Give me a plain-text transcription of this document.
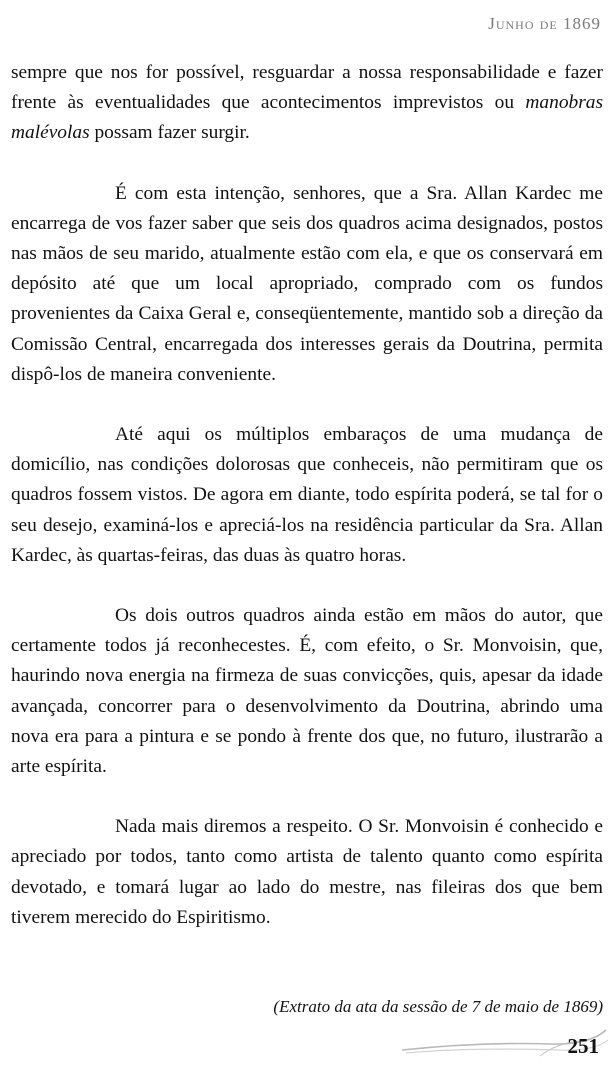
Junho de 1869

sempre que nos for possível, resguardar a nossa responsabilidade e fazer frente às eventualidades que acontecimentos imprevistos ou manobras malévolas possam fazer surgir.

É com esta intenção, senhores, que a Sra. Allan Kardec me encarrega de vos fazer saber que seis dos quadros acima designados, postos nas mãos de seu marido, atualmente estão com ela, e que os conservará em depósito até que um local apropriado, comprado com os fundos provenientes da Caixa Geral e, conseqüentemente, mantido sob a direção da Comissão Central, encarregada dos interesses gerais da Doutrina, permita dispô-los de maneira conveniente.

Até aqui os múltiplos embaraços de uma mudança de domicílio, nas condições dolorosas que conheceis, não permitiram que os quadros fossem vistos. De agora em diante, todo espírita poderá, se tal for o seu desejo, examiná-los e apreciá-los na residência particular da Sra. Allan Kardec, às quartas-feiras, das duas às quatro horas.

Os dois outros quadros ainda estão em mãos do autor, que certamente todos já reconhecestes. É, com efeito, o Sr. Monvoisin, que, haurindo nova energia na firmeza de suas convicções, quis, apesar da idade avançada, concorrer para o desenvolvimento da Doutrina, abrindo uma nova era para a pintura e se pondo à frente dos que, no futuro, ilustrarão a arte espírita.

Nada mais diremos a respeito. O Sr. Monvoisin é conhecido e apreciado por todos, tanto como artista de talento quanto como espírita devotado, e tomará lugar ao lado do mestre, nas fileiras dos que bem tiverem merecido do Espiritismo.

(Extrato da ata da sessão de 7 de maio de 1869)
251
